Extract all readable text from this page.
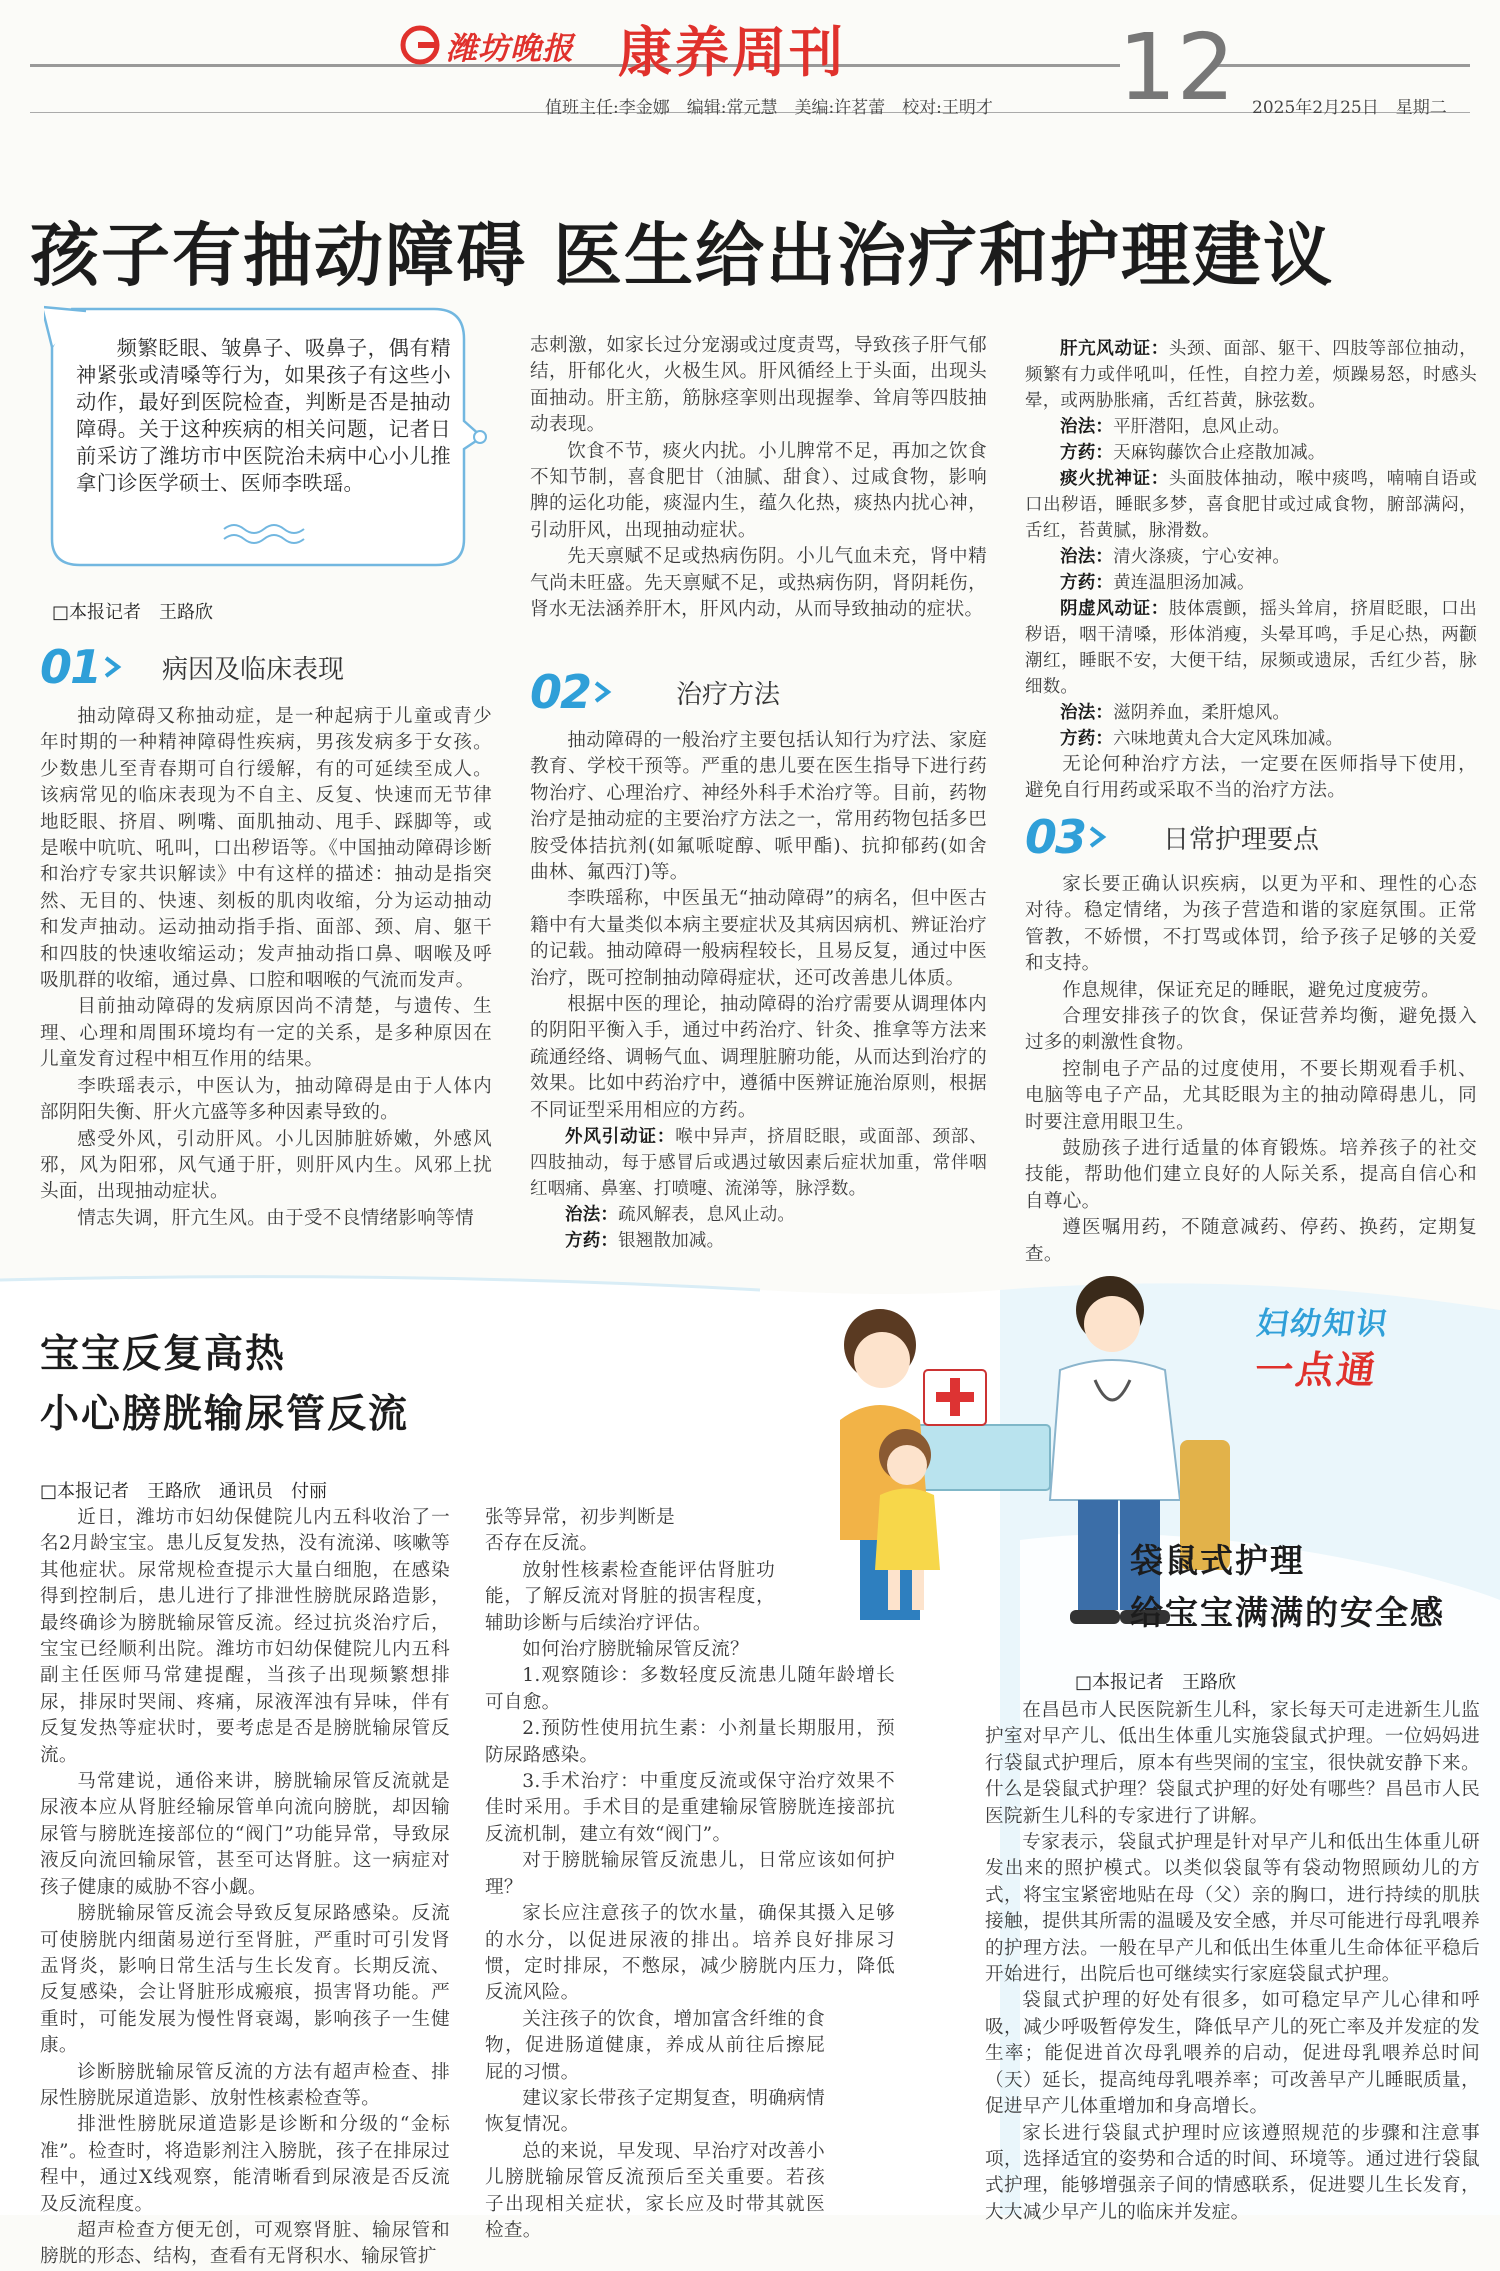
潍坊晚报 康养周刊	12
值班主任:李金娜　编辑:常元慧　美编:许茗蕾　校对:王明才	2025年2月25日　星期二
孩子有抽动障碍 医生给出治疗和护理建议

频繁眨眼、皱鼻子、吸鼻子，偶有精神紧张或清嗓等行为，如果孩子有这些小动作，最好到医院检查，判断是否是抽动障碍。关于这种疾病的相关问题，记者日前采访了潍坊市中医院治未病中心小儿推拿门诊医学硕士、医师李昳瑶。

□本报记者　王路欣
01 病因及临床表现

抽动障碍又称抽动症，是一种起病于儿童或青少年时期的一种精神障碍性疾病，男孩发病多于女孩。少数患儿至青春期可自行缓解，有的可延续至成人。该病常见的临床表现为不自主、反复、快速而无节律地眨眼、挤眉、咧嘴、面肌抽动、甩手、踩脚等，或是喉中吭吭、吼叫，口出秽语等。《中国抽动障碍诊断和治疗专家共识解读》中有这样的描述：抽动是指突然、无目的、快速、刻板的肌肉收缩，分为运动抽动和发声抽动。运动抽动指手指、面部、颈、肩、躯干和四肢的快速收缩运动；发声抽动指口鼻、咽喉及呼吸肌群的收缩，通过鼻、口腔和咽喉的气流而发声。

目前抽动障碍的发病原因尚不清楚，与遗传、生理、心理和周围环境均有一定的关系，是多种原因在儿童发育过程中相互作用的结果。

李昳瑶表示，中医认为，抽动障碍是由于人体内部阴阳失衡、肝火亢盛等多种因素导致的。

感受外风，引动肝风。小儿因肺脏娇嫩，外感风邪，风为阳邪，风气通于肝，则肝风内生。风邪上扰头面，出现抽动症状。

情志失调，肝亢生风。由于受不良情绪影响等情

志刺激，如家长过分宠溺或过度责骂，导致孩子肝气郁结，肝郁化火，火极生风。肝风循经上于头面，出现头面抽动。肝主筋，筋脉痉挛则出现握拳、耸肩等四肢抽动表现。

饮食不节，痰火内扰。小儿脾常不足，再加之饮食不知节制，喜食肥甘（油腻、甜食）、过咸食物，影响脾的运化功能，痰湿内生，蕴久化热，痰热内扰心神，引动肝风，出现抽动症状。

先天禀赋不足或热病伤阴。小儿气血未充，肾中精气尚未旺盛。先天禀赋不足，或热病伤阴，肾阴耗伤，肾水无法涵养肝木，肝风内动，从而导致抽动的症状。

02	治疗方法

抽动障碍的一般治疗主要包括认知行为疗法、家庭教育、学校干预等。严重的患儿要在医生指导下进行药物治疗、心理治疗、神经外科手术治疗等。目前，药物治疗是抽动症的主要治疗方法之一，常用药物包括多巴胺受体拮抗剂(如氟哌啶醇、哌甲酯)、抗抑郁药(如舍曲林、氟西汀)等。

李昳瑶称，中医虽无“抽动障碍”的病名，但中医古籍中有大量类似本病主要症状及其病因病机、辨证治疗的记载。抽动障碍一般病程较长，且易反复，通过中医治疗，既可控制抽动障碍症状，还可改善患儿体质。

根据中医的理论，抽动障碍的治疗需要从调理体内的阴阳平衡入手，通过中药治疗、针灸、推拿等方法来疏通经络、调畅气血、调理脏腑功能，从而达到治疗的效果。比如中药治疗中，遵循中医辨证施治原则，根据不同证型采用相应的方药。

外风引动证：喉中异声，挤眉眨眼，或面部、颈部、四肢抽动，每于感冒后或遇过敏因素后症状加重，常伴咽红咽痛、鼻塞、打喷嚏、流涕等，脉浮数。
治法：疏风解表，息风止动。
方药：银翘散加减。
肝亢风动证：头颈、面部、躯干、四肢等部位抽动，频繁有力或伴吼叫，任性，自控力差，烦躁易怒，时感头晕，或两胁胀痛，舌红苔黄，脉弦数。
治法：平肝潜阳，息风止动。
方药：天麻钩藤饮合止痉散加减。
痰火扰神证：头面肢体抽动，喉中痰鸣，喃喃自语或口出秽语，睡眠多梦，喜食肥甘或过咸食物，腑部满闷，舌红，苔黄腻，脉滑数。
治法：清火涤痰，宁心安神。
方药：黄连温胆汤加减。
阴虚风动证：肢体震颤，摇头耸肩，挤眉眨眼，口出秽语，咽干清嗓，形体消瘦，头晕耳鸣，手足心热，两颧潮红，睡眠不安，大便干结，尿频或遗尿，舌红少苔，脉细数。
治法：滋阴养血，柔肝熄风。
方药：六味地黄丸合大定风珠加减。

无论何种治疗方法，一定要在医师指导下使用，避免自行用药或采取不当的治疗方法。

03	日常护理要点

家长要正确认识疾病，以更为平和、理性的心态对待。稳定情绪，为孩子营造和谐的家庭氛围。正常管教，不娇惯，不打骂或体罚，给予孩子足够的关爱和支持。

作息规律，保证充足的睡眠，避免过度疲劳。

合理安排孩子的饮食，保证营养均衡，避免摄入过多的刺激性食物。

控制电子产品的过度使用，不要长期观看手机、电脑等电子产品，尤其眨眼为主的抽动障碍患儿，同时要注意用眼卫生。

鼓励孩子进行适量的体育锻炼。培养孩子的社交技能，帮助他们建立良好的人际关系，提高自信心和自尊心。

遵医嘱用药，不随意减药、停药、换药，定期复查。

妇幼知识
一点通
宝宝反复高热
小心膀胱输尿管反流
□本报记者　王路欣　通讯员　付丽

近日，潍坊市妇幼保健院儿内五科收治了一名2月龄宝宝。患儿反复发热，没有流涕、咳嗽等其他症状。尿常规检查提示大量白细胞，在感染得到控制后，患儿进行了排泄性膀胱尿路造影，最终确诊为膀胱输尿管反流。经过抗炎治疗后，宝宝已经顺利出院。潍坊市妇幼保健院儿内五科副主任医师马常建提醒，当孩子出现频繁想排尿，排尿时哭闹、疼痛，尿液浑浊有异味，伴有反复发热等症状时，要考虑是否是膀胱输尿管反流。

马常建说，通俗来讲，膀胱输尿管反流就是尿液本应从肾脏经输尿管单向流向膀胱，却因输尿管与膀胱连接部位的“阀门”功能异常，导致尿液反向流回输尿管，甚至可达肾脏。这一病症对孩子健康的威胁不容小觑。

膀胱输尿管反流会导致反复尿路感染。反流可使膀胱内细菌易逆行至肾脏，严重时可引发肾盂肾炎，影响日常生活与生长发育。长期反流、反复感染，会让肾脏形成瘢痕，损害肾功能。严重时，可能发展为慢性肾衰竭，影响孩子一生健康。

诊断膀胱输尿管反流的方法有超声检查、排尿性膀胱尿道造影、放射性核素检查等。

排泄性膀胱尿道造影是诊断和分级的“金标准”。检查时，将造影剂注入膀胱，孩子在排尿过程中，通过X线观察，能清晰看到尿液是否反流及反流程度。

超声检查方便无创，可观察肾脏、输尿管和膀胱的形态、结构，查看有无肾积水、输尿管扩

张等异常，初步判断是否存在反流。

放射性核素检查能评估肾脏功能，了解反流对肾脏的损害程度，辅助诊断与后续治疗评估。

如何治疗膀胱输尿管反流？

1.观察随诊：多数轻度反流患儿随年龄增长可自愈。

2.预防性使用抗生素：小剂量长期服用，预防尿路感染。

3.手术治疗：中重度反流或保守治疗效果不佳时采用。手术目的是重建输尿管膀胱连接部抗反流机制，建立有效“阀门”。

对于膀胱输尿管反流患儿，日常应该如何护理？

家长应注意孩子的饮水量，确保其摄入足够的水分，以促进尿液的排出。培养良好排尿习惯，定时排尿，不憋尿，减少膀胱内压力，降低反流风险。

关注孩子的饮食，增加富含纤维的食物，促进肠道健康，养成从前往后擦屁屁的习惯。

建议家长带孩子定期复查，明确病情恢复情况。

总的来说，早发现、早治疗对改善小儿膀胱输尿管反流预后至关重要。若孩子出现相关症状，家长应及时带其就医检查。

袋鼠式护理
给宝宝满满的安全感
□本报记者　王路欣

在昌邑市人民医院新生儿科，家长每天可走进新生儿监护室对早产儿、低出生体重儿实施袋鼠式护理。一位妈妈进行袋鼠式护理后，原本有些哭闹的宝宝，很快就安静下来。什么是袋鼠式护理？袋鼠式护理的好处有哪些？昌邑市人民医院新生儿科的专家进行了讲解。

专家表示，袋鼠式护理是针对早产儿和低出生体重儿研发出来的照护模式。以类似袋鼠等有袋动物照顾幼儿的方式，将宝宝紧密地贴在母（父）亲的胸口，进行持续的肌肤接触，提供其所需的温暖及安全感，并尽可能进行母乳喂养的护理方法。一般在早产儿和低出生体重儿生命体征平稳后开始进行，出院后也可继续实行家庭袋鼠式护理。

袋鼠式护理的好处有很多，如可稳定早产儿心律和呼吸，减少呼吸暂停发生，降低早产儿的死亡率及并发症的发生率；能促进首次母乳喂养的启动，促进母乳喂养总时间（天）延长，提高纯母乳喂养率；可改善早产儿睡眠质量，促进早产儿体重增加和身高增长。

家长进行袋鼠式护理时应该遵照规范的步骤和注意事项，选择适宜的姿势和合适的时间、环境等。通过进行袋鼠式护理，能够增强亲子间的情感联系，促进婴儿生长发育，大大减少早产儿的临床并发症。
